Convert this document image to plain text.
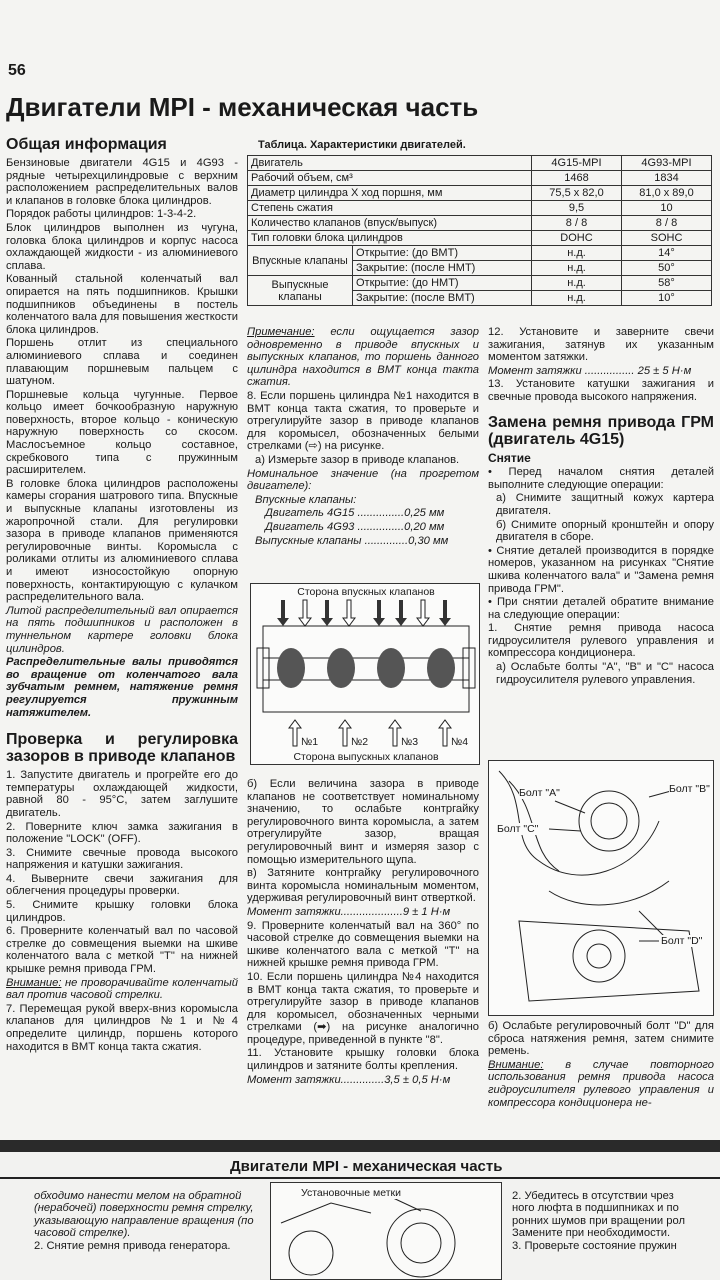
56
Двигатели MPI - механическая часть
Общая информация

Бензиновые двигатели 4G15 и 4G93 - рядные четырехцилиндровые с верхним расположением распределительных валов и клапанов в головке блока цилиндров.

Порядок работы цилиндров: 1-3-4-2.

Блок цилиндров выполнен из чугуна, головка блока цилиндров и корпус насоса охлаждающей жидкости - из алюминиевого сплава.

Кованный стальной коленчатый вал опирается на пять подшипников. Крышки подшипников объединены в постель коленчатого вала для повышения жесткости блока цилиндров.

Поршень отлит из специального алюминиевого сплава и соединен плавающим поршневым пальцем с шатуном.

Поршневые кольца чугунные. Первое кольцо имеет бочкообразную наружную поверхность, второе кольцо - коническую наружную поверхность со скосом. Маслосъемное кольцо составное, скребкового типа с пружинным расширителем.

В головке блока цилиндров расположены камеры сгорания шатрового типа. Впускные и выпускные клапаны изготовлены из жаропрочной стали. Для регулировки зазора в приводе клапанов применяются регулировочные винты. Коромысла с роликами отлиты из алюминиевого сплава и имеют износостойкую опорную поверхность, контактирующую с кулачком распределительного вала.

Литой распределительный вал опирается на пять подшипников и расположен в туннельном картере головки блока цилиндров.

Распределительные валы приводятся во вращение от коленчатого вала зубчатым ремнем, натяжение ремня регулируется пружинным натяжителем.

Проверка и регулировка зазоров в приводе клапанов

1. Запустите двигатель и прогрейте его до температуры охлаждающей жидкости, равной 80 - 95°С, затем заглушите двигатель.

2. Поверните ключ замка зажигания в положение "LOCK" (OFF).

3. Снимите свечные провода высокого напряжения и катушки зажигания.

4. Выверните свечи зажигания для облегчения процедуры проверки.

5. Снимите крышку головки блока цилиндров.

6. Проверните коленчатый вал по часовой стрелке до совмещения выемки на шкиве коленчатого вала с меткой "T" на нижней крышке ремня привода ГРМ.

Внимание: не проворачивайте коленчатый вал против часовой стрелки.

7. Перемещая рукой вверх-вниз коромысла клапанов для цилиндров №1 и №4 определите цилиндр, поршень которого находится в ВМТ конца такта сжатия.

Таблица. Характеристики двигателей.
Двигатель		4G15-MPI	4G93-MPI
Рабочий объем, см³		1468	1834
Диаметр цилиндра X ход поршня, мм		75,5 x 82,0	81,0 x 89,0
Степень сжатия		9,5	10
Количество клапанов (впуск/выпуск)		8 / 8	8 / 8
Тип головки блока цилиндров		DOHC	SOHC
Впускные клапаны	Открытие: (до ВМТ)	н.д.	14°
	Закрытие: (после НМТ)	н.д.	50°
Выпускные клапаны	Открытие: (до НМТ)	н.д.	58°
	Закрытие: (после ВМТ)	н.д.	10°

Примечание: если ощущается зазор одновременно в приводе впускных и выпускных клапанов, то поршень данного цилиндра находится в ВМТ конца такта сжатия.

8. Если поршень цилиндра №1 находится в ВМТ конца такта сжатия, то проверьте и отрегулируйте зазор в приводе клапанов для коромысел, обозначенных белыми стрелками (⇨) на рисунке.

а) Измерьте зазор в приводе клапанов.

Номинальное значение (на прогретом двигателе):

Впускные клапаны:

Двигатель 4G15 ...............0,25 мм

Двигатель 4G93 ...............0,20 мм

Выпускные клапаны ..............0,30 мм

Сторона впускных клапанов
№1	№2	№3	№4
Сторона выпускных клапанов

б) Если величина зазора в приводе клапанов не соответствует номинальному значению, то ослабьте контргайку регулировочного винта коромысла, а затем отрегулируйте зазор, вращая регулировочный винт и измеряя зазор с помощью измерительного щупа.

в) Затяните контргайку регулировочного винта коромысла номинальным моментом, удерживая регулировочный винт отверткой.

Момент затяжки....................9 ± 1 Н·м

9. Проверните коленчатый вал на 360° по часовой стрелке до совмещения выемки на шкиве коленчатого вала с меткой "T" на нижней крышке ремня привода ГРМ.

10. Если поршень цилиндра №4 находится в ВМТ конца такта сжатия, то проверьте и отрегулируйте зазор в приводе клапанов для коромысел, обозначенных черными стрелками (➡) на рисунке аналогично процедуре, приведенной в пункте "8".

11. Установите крышку головки блока цилиндров и затяните болты крепления.

Момент затяжки..............3,5 ± 0,5 Н·м

12. Установите и заверните свечи зажигания, затянув их указанным моментом затяжки.

Момент затяжки ................ 25 ± 5 Н·м

13. Установите катушки зажигания и свечные провода высокого напряжения.

Замена ремня привода ГРМ (двигатель 4G15)
Снятие

• Перед началом снятия деталей выполните следующие операции:

а) Снимите защитный кожух картера двигателя.

б) Снимите опорный кронштейн и опору двигателя в сборе.

• Снятие деталей производится в порядке номеров, указанном на рисунках "Снятие шкива коленчатого вала" и "Замена ремня привода ГРМ".

• При снятии деталей обратите внимание на следующие операции:

1. Снятие ремня привода насоса гидроусилителя рулевого управления и компрессора кондиционера.

а) Ослабьте болты "A", "B" и "C" насоса гидроусилителя рулевого управления.

Болт "A"	Болт "B"
Болт "C"
Болт "D"

б) Ослабьте регулировочный болт "D" для сброса натяжения ремня, затем снимите ремень.

Внимание: в случае повторного использования ремня привода насоса гидроусилителя рулевого управления и компрессора кондиционера не-

Двигатели MPI - механическая часть

обходимо нанести мелом на обратной (нерабочей) поверхности ремня стрелку, указывающую направление вращения (по часовой стрелке).

2. Снятие ремня привода генератора.

Установочные метки	2. Убедитесь в отсутствии чрез

ного люфта в подшипниках и по

ронних шумов при вращении рол

Замените при необходимости.

3. Проверьте состояние пружин
